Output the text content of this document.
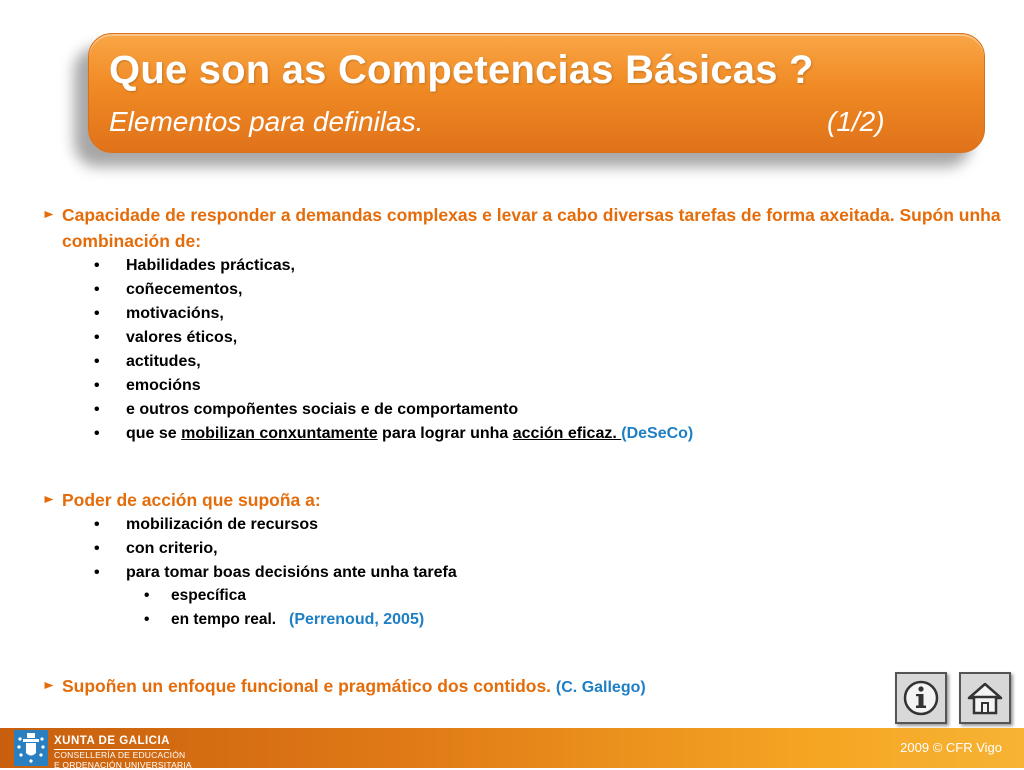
Que son as Competencias Básicas ?
Elementos para definilas.	(1/2)
Capacidade de responder a demandas complexas e levar a cabo diversas tarefas de forma axeitada. Supón unha combinación de:
• Habilidades prácticas,
• coñecementos,
• motivacións,
• valores éticos,
• actitudes,
• emocións
• e outros compoñentes sociais e de comportamento
• que se mobilizan conxuntamente para lograr unha acción eficaz. (DeSeCo)
Poder de acción que supoña a:
• mobilización de recursos
• con criterio,
• para tomar boas decisións ante unha tarefa
• específica
• en tempo real. (Perrenoud, 2005)
Supoñen un enfoque funcional e pragmático dos contidos. (C. Gallego)
XUNTA DE GALICIA
CONSELLERÍA DE EDUCACIÓN
E ORDENACIÓN UNIVERSITARIA
2009 © CFR Vigo
